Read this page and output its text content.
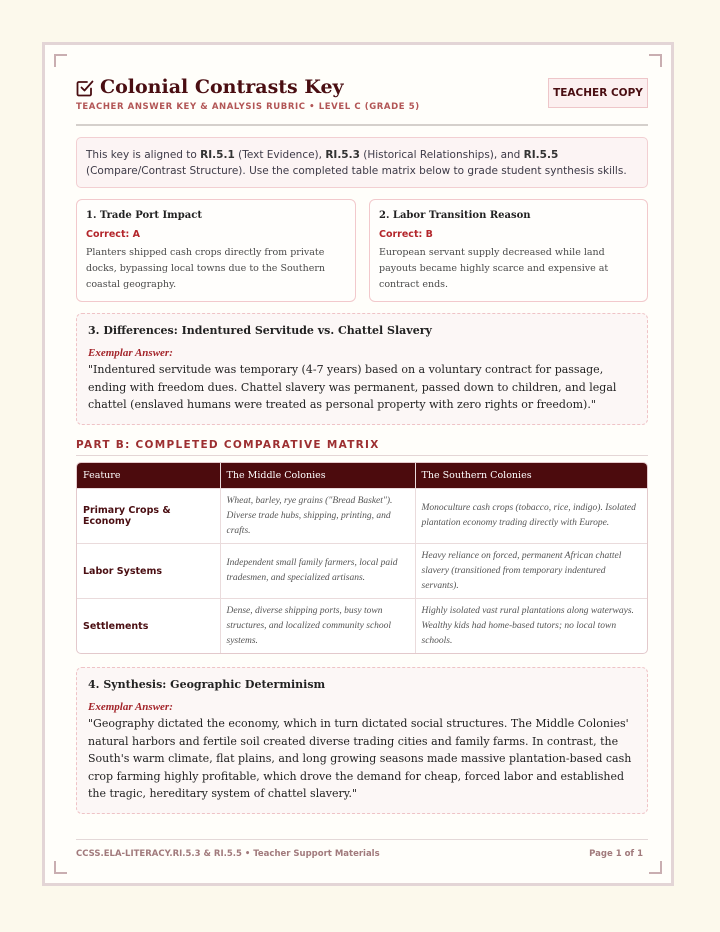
Colonial Contrasts Key
TEACHER ANSWER KEY & ANALYSIS RUBRIC • LEVEL C (GRADE 5)
TEACHER COPY
This key is aligned to RI.5.1 (Text Evidence), RI.5.3 (Historical Relationships), and RI.5.5 (Compare/Contrast Structure). Use the completed table matrix below to grade student synthesis skills.
1. Trade Port Impact
Correct: A
Planters shipped cash crops directly from private docks, bypassing local towns due to the Southern coastal geography.
2. Labor Transition Reason
Correct: B
European servant supply decreased while land payouts became highly scarce and expensive at contract ends.
3. Differences: Indentured Servitude vs. Chattel Slavery
Exemplar Answer:
"Indentured servitude was temporary (4-7 years) based on a voluntary contract for passage, ending with freedom dues. Chattel slavery was permanent, passed down to children, and legal chattel (enslaved humans were treated as personal property with zero rights or freedom)."
PART B: COMPLETED COMPARATIVE MATRIX
Feature	The Middle Colonies	The Southern Colonies
Primary Crops & Economy	Wheat, barley, rye grains ("Bread Basket"). Diverse trade hubs, shipping, printing, and crafts.	Monoculture cash crops (tobacco, rice, indigo). Isolated plantation economy trading directly with Europe.
Labor Systems	Independent small family farmers, local paid tradesmen, and specialized artisans.	Heavy reliance on forced, permanent African chattel slavery (transitioned from temporary indentured servants).
Settlements	Dense, diverse shipping ports, busy town structures, and localized community school systems.	Highly isolated vast rural plantations along waterways. Wealthy kids had home-based tutors; no local town schools.
4. Synthesis: Geographic Determinism
Exemplar Answer:
"Geography dictated the economy, which in turn dictated social structures. The Middle Colonies' natural harbors and fertile soil created diverse trading cities and family farms. In contrast, the South's warm climate, flat plains, and long growing seasons made massive plantation-based cash crop farming highly profitable, which drove the demand for cheap, forced labor and established the tragic, hereditary system of chattel slavery."
CCSS.ELA-LITERACY.RI.5.3 & RI.5.5 • Teacher Support Materials	Page 1 of 1
